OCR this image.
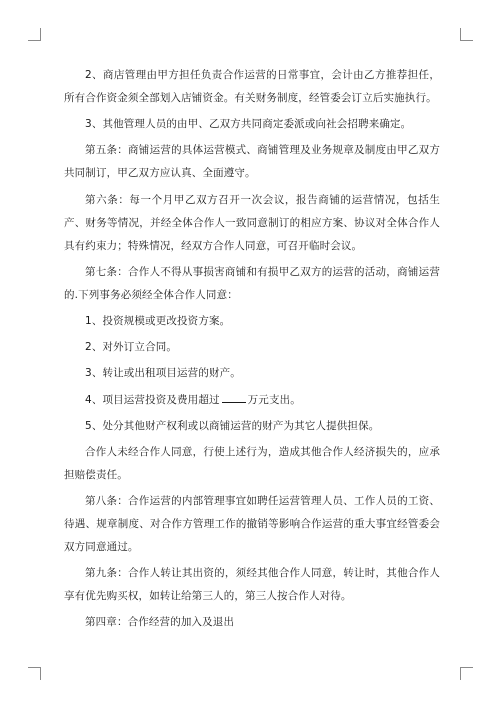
2、商店管理由甲方担任负责合作运营的日常事宜，会计由乙方推荐担任，所有合作资金须全部划入店铺资金。有关财务制度，经管委会订立后实施执行。

3、其他管理人员的由甲、乙双方共同商定委派或向社会招聘来确定。

第五条：商铺运营的具体运营模式、商铺管理及业务规章及制度由甲乙双方共同制订，甲乙双方应认真、全面遵守。

第六条：每一个月甲乙双方召开一次会议，报告商铺的运营情况，包括生产、财务等情况，并经全体合作人一致同意制订的相应方案、协议对全体合作人具有约束力；特殊情况，经双方合作人同意，可召开临时会议。

第七条：合作人不得从事损害商铺和有损甲乙双方的运营的活动，商铺运营的.下列事务必须经全体合作人同意：

1、投资规模或更改投资方案。

2、对外订立合同。

3、转让或出租项目运营的财产。

4、项目运营投资及费用超过	万元支出。

5、处分其他财产权利或以商铺运营的财产为其它人提供担保。

合作人未经合作人同意，行使上述行为，造成其他合作人经济损失的，应承担赔偿责任。

第八条：合作运营的内部管理事宜如聘任运营管理人员、工作人员的工资、待遇、规章制度、对合作方管理工作的撤销等影响合作运营的重大事宜经管委会双方同意通过。

第九条：合作人转让其出资的，须经其他合作人同意，转让时，其他合作人享有优先购买权，如转让给第三人的，第三人按合作人对待。

第四章：合作经营的加入及退出
